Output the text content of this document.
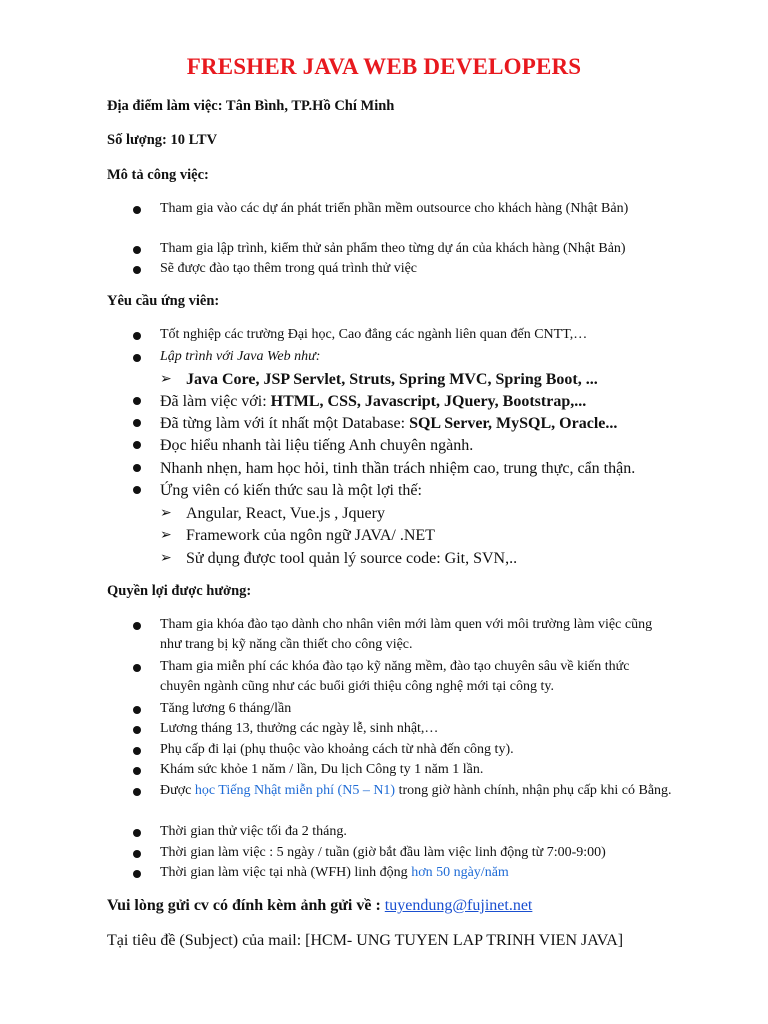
FRESHER JAVA WEB DEVELOPERS
Địa điểm làm việc: Tân Bình, TP.Hồ Chí Minh
Số lượng: 10 LTV
Mô tả công việc:
Tham gia vào các dự án phát triển phần mềm outsource cho khách hàng (Nhật Bản)
Tham gia lập trình, kiểm thử sản phẩm theo từng dự án của khách hàng (Nhật Bản)
Sẽ được đào tạo thêm trong quá trình thử việc
Yêu cầu ứng viên:
Tốt nghiệp các trường Đại học, Cao đẳng các ngành liên quan đến CNTT,…
Lập trình với Java Web như:
➢ Java Core, JSP Servlet, Struts, Spring MVC, Spring Boot, ...
Đã làm việc với: HTML, CSS, Javascript, JQuery, Bootstrap,...
Đã từng làm với ít nhất một Database: SQL Server, MySQL, Oracle...
Đọc hiểu nhanh tài liệu tiếng Anh chuyên ngành.
Nhanh nhẹn, ham học hỏi, tinh thần trách nhiệm cao, trung thực, cẩn thận.
Ứng viên có kiến thức sau là một lợi thế:
➢ Angular, React, Vue.js , Jquery
➢ Framework của ngôn ngữ JAVA/ .NET
➢ Sử dụng được tool quản lý source code: Git, SVN,..
Quyền lợi được hưởng:
Tham gia khóa đào tạo dành cho nhân viên mới làm quen với môi trường làm việc cũng như trang bị kỹ năng cần thiết cho công việc.
Tham gia miễn phí các khóa đào tạo kỹ năng mềm, đào tạo chuyên sâu về kiến thức chuyên ngành cũng như các buổi giới thiệu công nghệ mới tại công ty.
Tăng lương 6 tháng/lần
Lương tháng 13, thưởng các ngày lễ, sinh nhật,…
Phụ cấp đi lại (phụ thuộc vào khoảng cách từ nhà đến công ty).
Khám sức khỏe 1 năm / lần, Du lịch Công ty 1 năm 1 lần.
Được học Tiếng Nhật miễn phí (N5 – N1) trong giờ hành chính, nhận phụ cấp khi có Bằng.
Thời gian thử việc tối đa 2 tháng.
Thời gian làm việc : 5 ngày / tuần (giờ bắt đầu làm việc linh động từ 7:00-9:00)
Thời gian làm việc tại nhà (WFH) linh động hơn 50 ngày/năm
Vui lòng gửi cv có đính kèm ảnh gửi về : tuyendung@fujinet.net
Tại tiêu đề (Subject) của mail: [HCM- UNG TUYEN LAP TRINH VIEN JAVA]
